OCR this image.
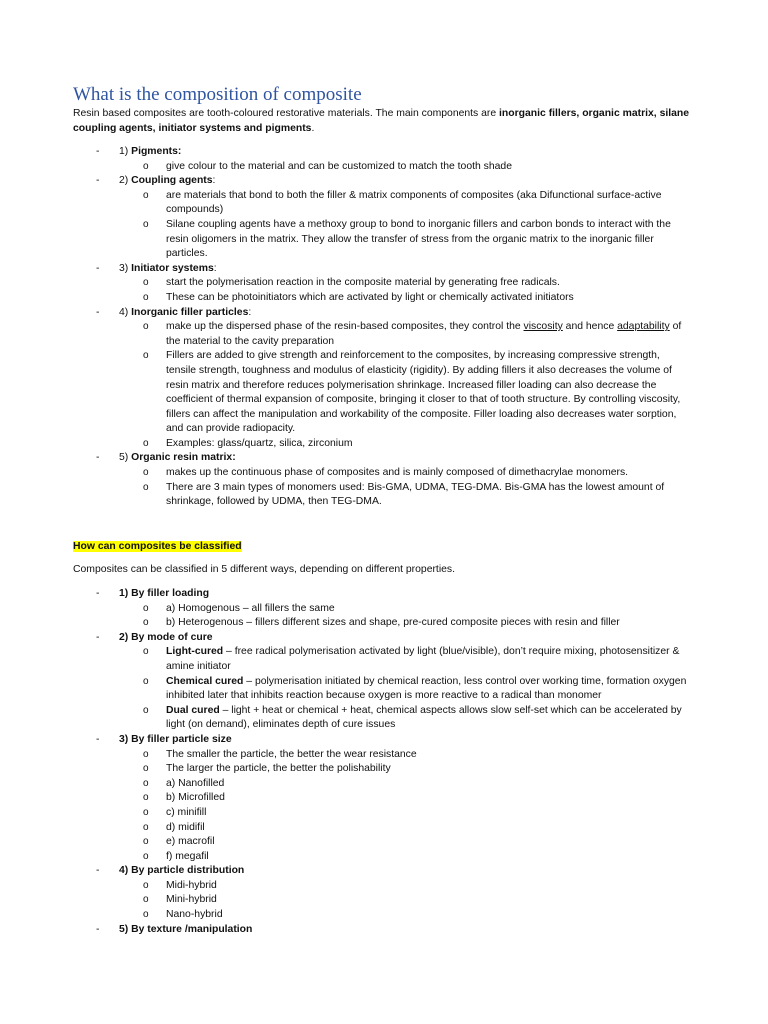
What is the composition of composite
Resin based composites are tooth-coloured restorative materials. The main components are inorganic fillers, organic matrix, silane coupling agents, initiator systems and pigments.
- 1) Pigments:
o give colour to the material and can be customized to match the tooth shade
- 2) Coupling agents:
o are materials that bond to both the filler & matrix components of composites (aka Difunctional surface-active compounds)
o Silane coupling agents have a methoxy group to bond to inorganic fillers and carbon bonds to interact with the resin oligomers in the matrix. They allow the transfer of stress from the organic matrix to the inorganic filler particles.
- 3) Initiator systems:
o start the polymerisation reaction in the composite material by generating free radicals.
o These can be photoinitiators which are activated by light or chemically activated initiators
- 4) Inorganic filler particles:
o make up the dispersed phase of the resin-based composites, they control the viscosity and hence adaptability of the material to the cavity preparation
o Fillers are added to give strength and reinforcement to the composites, by increasing compressive strength, tensile strength, toughness and modulus of elasticity (rigidity). By adding fillers it also decreases the volume of resin matrix and therefore reduces polymerisation shrinkage. Increased filler loading can also decrease the coefficient of thermal expansion of composite, bringing it closer to that of tooth structure. By controlling viscosity, fillers can affect the manipulation and workability of the composite. Filler loading also decreases water sorption, and can provide radiopacity.
o Examples: glass/quartz, silica, zirconium
- 5) Organic resin matrix:
o makes up the continuous phase of composites and is mainly composed of dimethacrylae monomers.
o There are 3 main types of monomers used: Bis-GMA, UDMA, TEG-DMA. Bis-GMA has the lowest amount of shrinkage, followed by UDMA, then TEG-DMA.
How can composites be classified
Composites can be classified in 5 different ways, depending on different properties.
- 1) By filler loading
o a) Homogenous – all fillers the same
o b) Heterogenous – fillers different sizes and shape, pre-cured composite pieces with resin and filler
- 2) By mode of cure
o Light-cured – free radical polymerisation activated by light (blue/visible), don’t require mixing, photosensitizer & amine initiator
o Chemical cured – polymerisation initiated by chemical reaction, less control over working time, formation oxygen inhibited later that inhibits reaction because oxygen is more reactive to a radical than monomer
o Dual cured – light + heat or chemical + heat, chemical aspects allows slow self-set which can be accelerated by light (on demand), eliminates depth of cure issues
- 3) By filler particle size
o The smaller the particle, the better the wear resistance
o The larger the particle, the better the polishability
o a) Nanofilled
o b) Microfilled
o c) minifill
o d) midifil
o e) macrofil
o f) megafil
- 4) By particle distribution
o Midi-hybrid
o Mini-hybrid
o Nano-hybrid
- 5) By texture /manipulation
